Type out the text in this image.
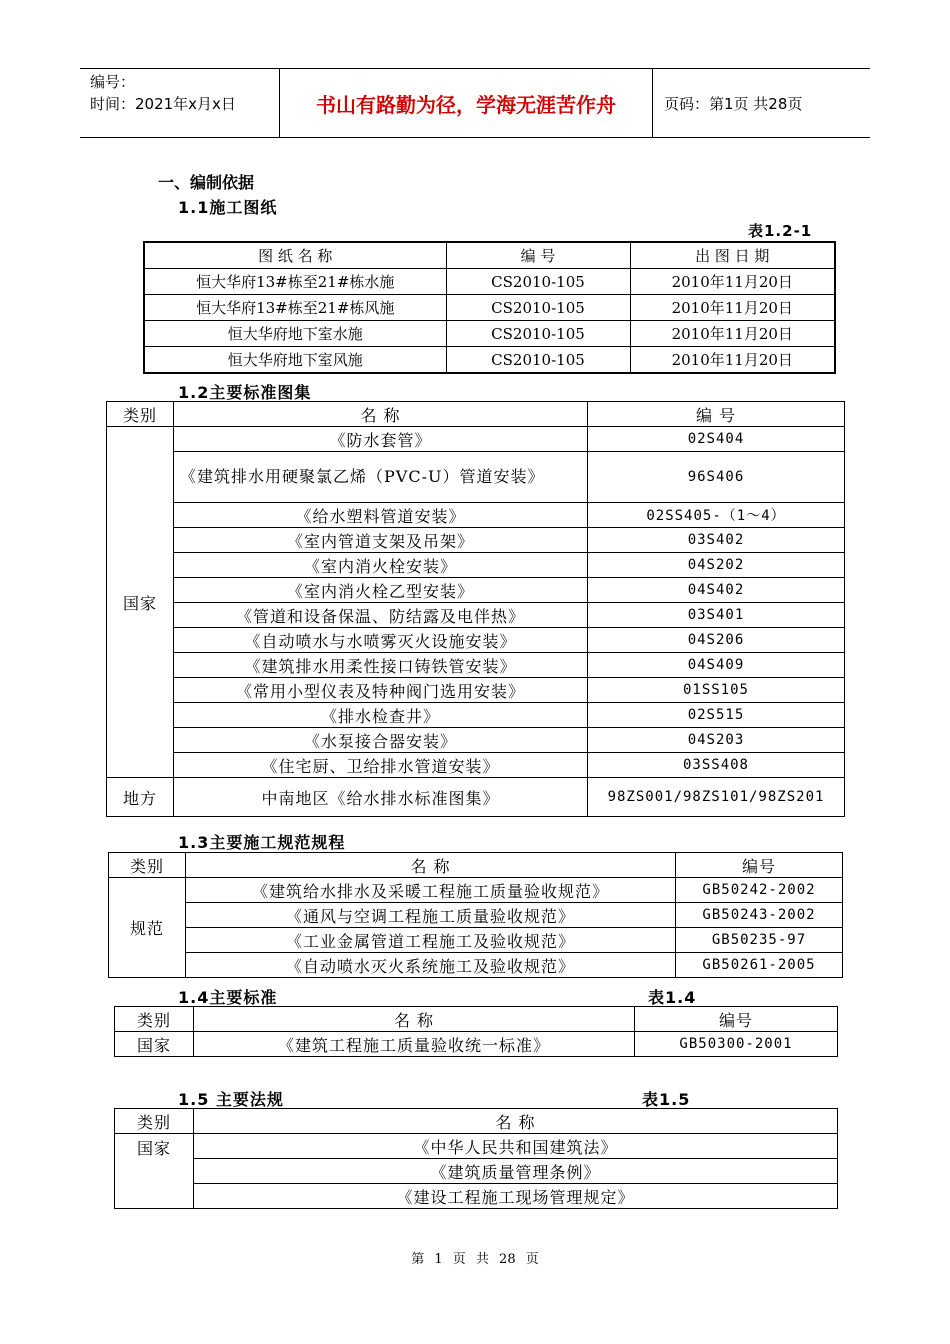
编号：
时间：2021年x月x日	书山有路勤为径，学海无涯苦作舟	页码：第1页 共28页
一、编制依据
1.1施工图纸
表1.2-1
图 纸 名 称	编 号	出 图 日 期
恒大华府13#栋至21#栋水施	CS2010-105	2010年11月20日
恒大华府13#栋至21#栋风施	CS2010-105	2010年11月20日
恒大华府地下室水施	CS2010-105	2010年11月20日
恒大华府地下室风施	CS2010-105	2010年11月20日
1.2主要标准图集
类别	名 称	编 号
国家	《防水套管》	02S404
	《建筑排水用硬聚氯乙烯（PVC-U）管道安装》	96S406
	《给水塑料管道安装》	02SS405-（1～4）
	《室内管道支架及吊架》	03S402
	《室内消火栓安装》	04S202
	《室内消火栓乙型安装》	04S402
	《管道和设备保温、防结露及电伴热》	03S401
	《自动喷水与水喷雾灭火设施安装》	04S206
	《建筑排水用柔性接口铸铁管安装》	04S409
	《常用小型仪表及特种阀门选用安装》	01SS105
	《排水检查井》	02S515
	《水泵接合器安装》	04S203
	《住宅厨、卫给排水管道安装》	03SS408
地方	中南地区《给水排水标准图集》	98ZS001/98ZS101/98ZS201
1.3主要施工规范规程
类别	名 称	编号
规范	《建筑给水排水及采暖工程施工质量验收规范》	GB50242-2002
	《通风与空调工程施工质量验收规范》	GB50243-2002
	《工业金属管道工程施工及验收规范》	GB50235-97
	《自动喷水灭火系统施工及验收规范》	GB50261-2005
1.4主要标准	表1.4
类别	名 称	编号
国家	《建筑工程施工质量验收统一标准》	GB50300-2001
1.5 主要法规	表1.5
类别	名 称
国家	《中华人民共和国建筑法》
	《建筑质量管理条例》
	《建设工程施工现场管理规定》
第 1 页 共 28 页
